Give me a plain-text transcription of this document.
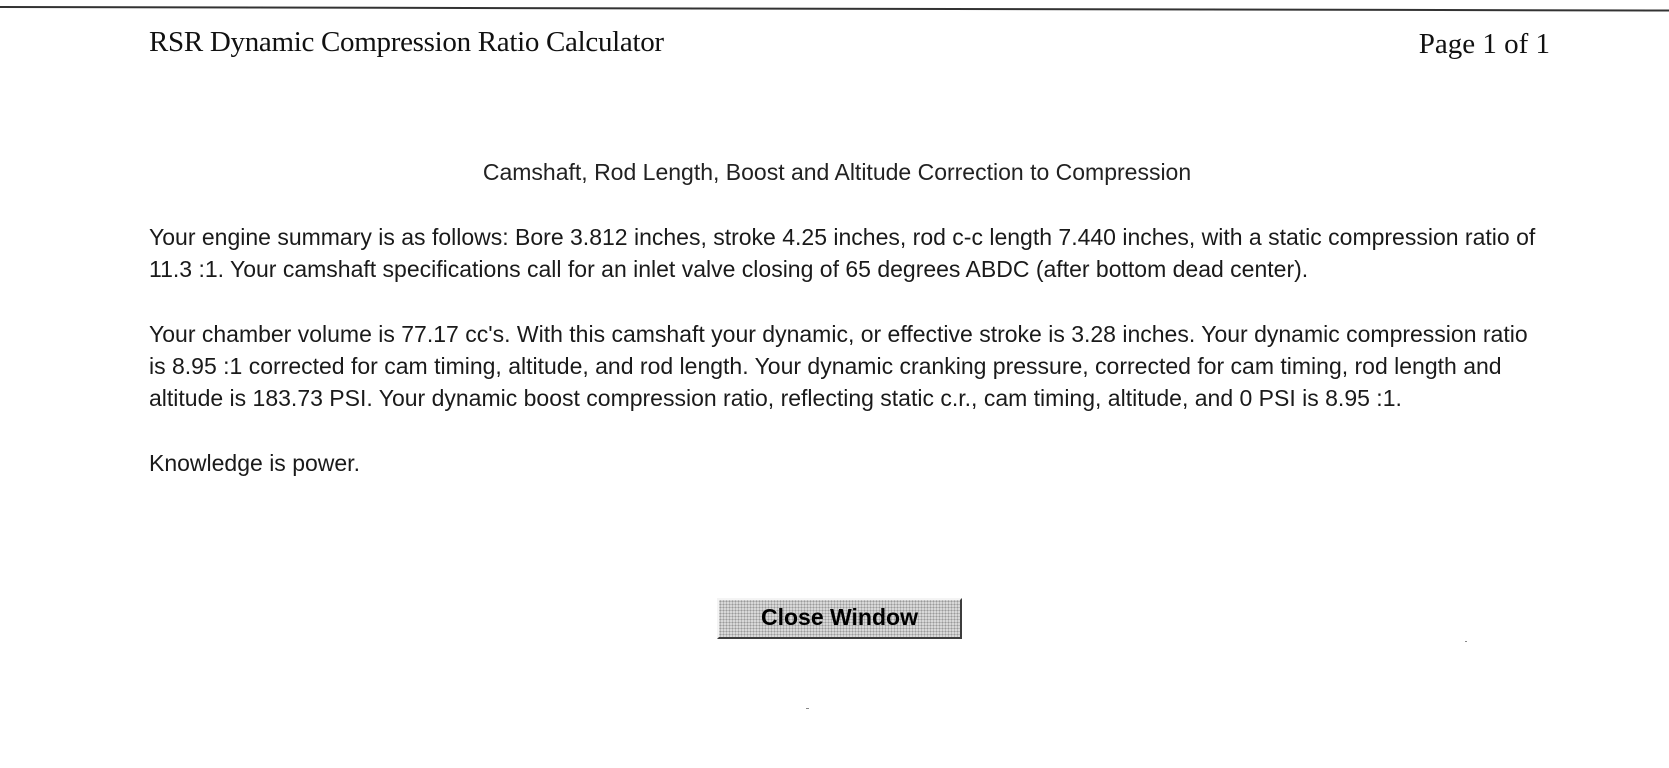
RSR Dynamic Compression Ratio Calculator	Page 1 of 1
Camshaft, Rod Length, Boost and Altitude Correction to Compression

Your engine summary is as follows: Bore 3.812 inches, stroke 4.25 inches, rod c-c length 7.440 inches, with a static compression ratio of 11.3 :1. Your camshaft specifications call for an inlet valve closing of 65 degrees ABDC (after bottom dead center).

Your chamber volume is 77.17 cc's. With this camshaft your dynamic, or effective stroke is 3.28 inches. Your dynamic compression ratio is 8.95 :1 corrected for cam timing, altitude, and rod length. Your dynamic cranking pressure, corrected for cam timing, rod length and altitude is 183.73 PSI. Your dynamic boost compression ratio, reflecting static c.r., cam timing, altitude, and 0 PSI is 8.95 :1.

Knowledge is power.

Close Window
